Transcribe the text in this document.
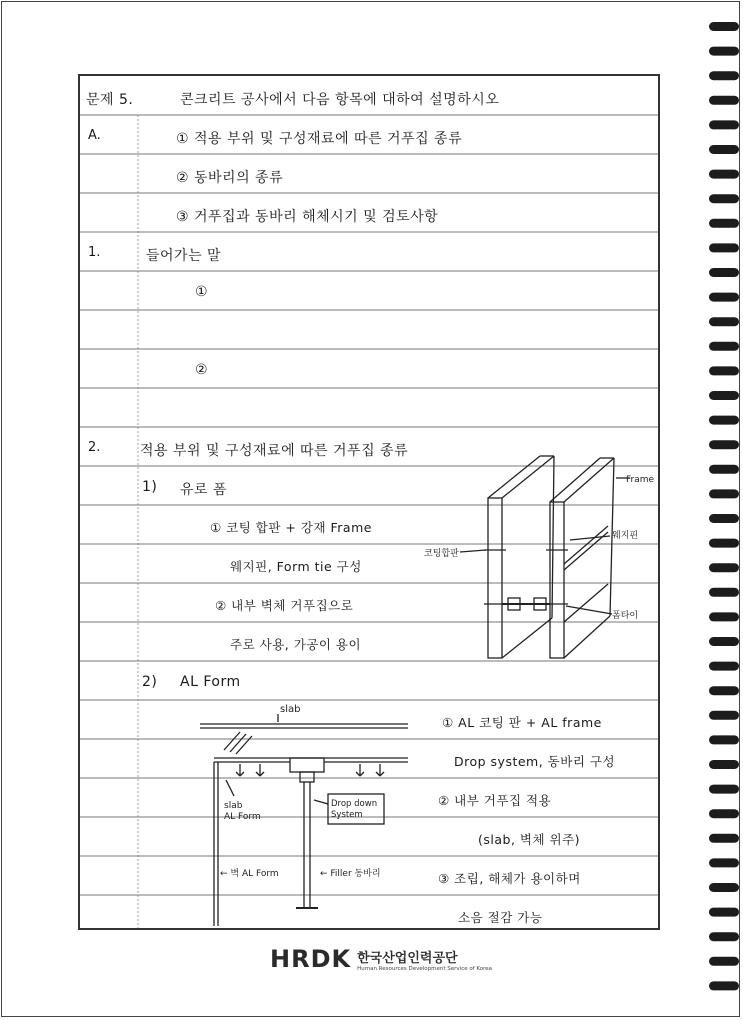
문제 5.	콘크리트 공사에서 다음 항목에 대하여 설명하시오
A.	① 적용 부위 및 구성재료에 따른 거푸집 종류
② 동바리의 종류
③ 거푸집과 동바리 해체시기 및 검토사항
1.	들어가는 말
①
②
2.	적용 부위 및 구성재료에 따른 거푸집 종류
1) 유로 폼
① 코팅 합판 + 강재 Frame
웨지핀, Form tie 구성
② 내부 벽체 거푸집으로
주로 사용, 가공이 용이
2) AL Form
① AL 코팅 판 + AL frame
Drop system, 동바리 구성
② 내부 거푸집 적용
(slab, 벽체 위주)
③ 조립, 해체가 용이하며
소음 절감 가능
Frame
웨지핀
폼타이
코팅합판
slab
slab AL Form
Drop down System
← 벽 AL Form	← Filler 동바리
HRDK 한국산업인력공단
Human Resources Development Service of Korea
